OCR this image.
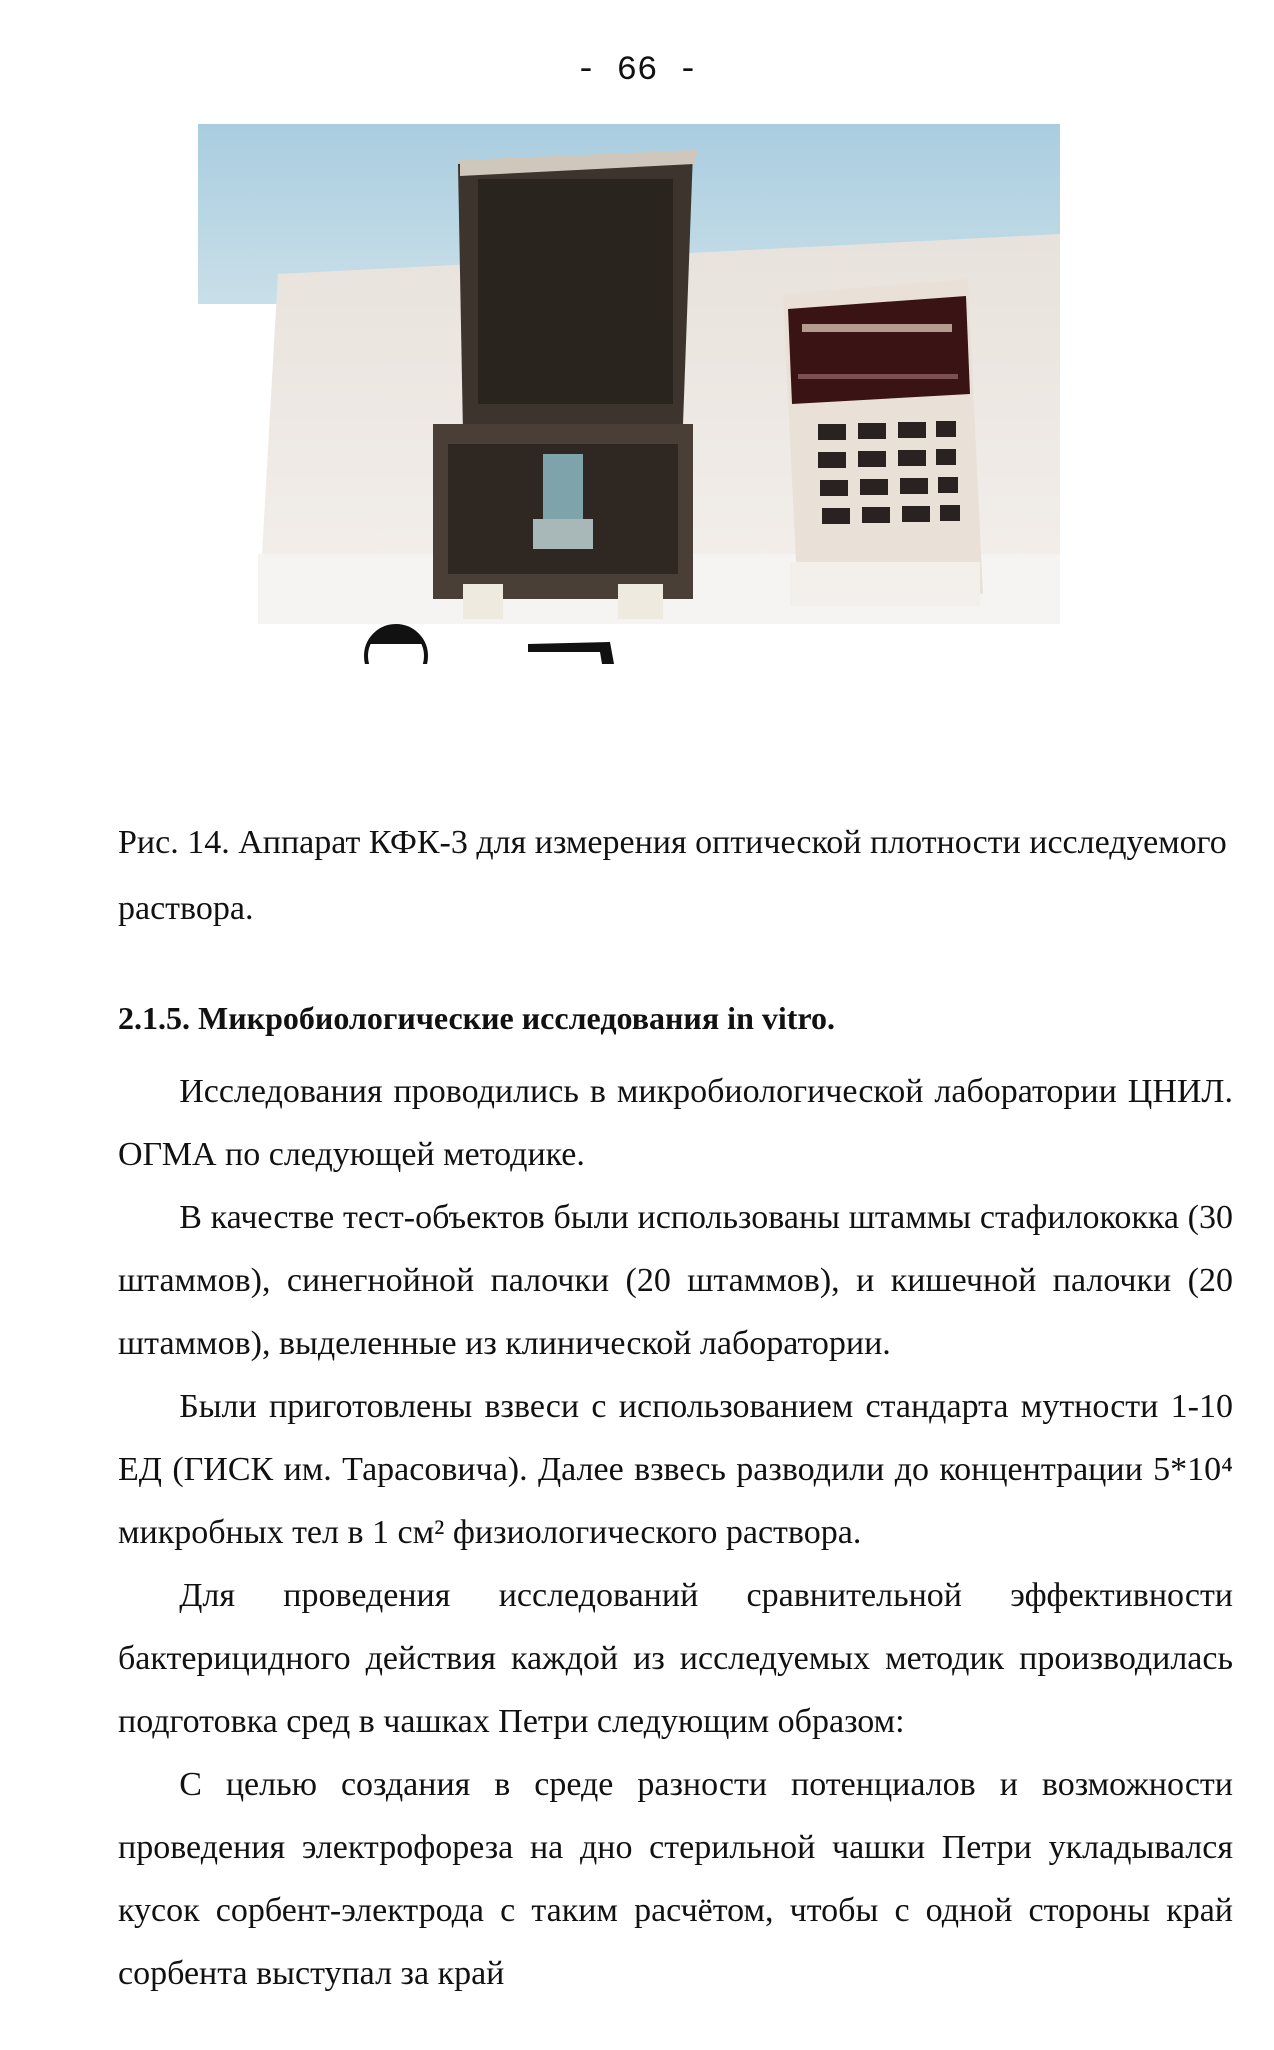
- 66 -
Рис. 14. Аппарат КФК-3 для измерения оптической плотности исследуемого раствора.
2.1.5. Микробиологические исследования in vitro.

Исследования проводились в микробиологической лаборатории ЦНИЛ. ОГМА по следующей методике.

В качестве тест-объектов были использованы штаммы стафилококка (30 штаммов), синегнойной палочки (20 штаммов), и кишечной палочки (20 штаммов), выделенные из клинической лаборатории.

Были приготовлены взвеси с использованием стандарта мутности 1-10 ЕД (ГИСК им. Тарасовича). Далее взвесь разводили до концентрации 5*10⁴ микробных тел в 1 см² физиологического раствора.

Для проведения исследований сравнительной эффективности бактерицидного действия каждой из исследуемых методик производилась подготовка сред в чашках Петри следующим образом:

С целью создания в среде разности потенциалов и возможности проведения электрофореза на дно стерильной чашки Петри укладывался кусок сорбент-электрода с таким расчётом, чтобы с одной стороны край сорбента выступал за край
